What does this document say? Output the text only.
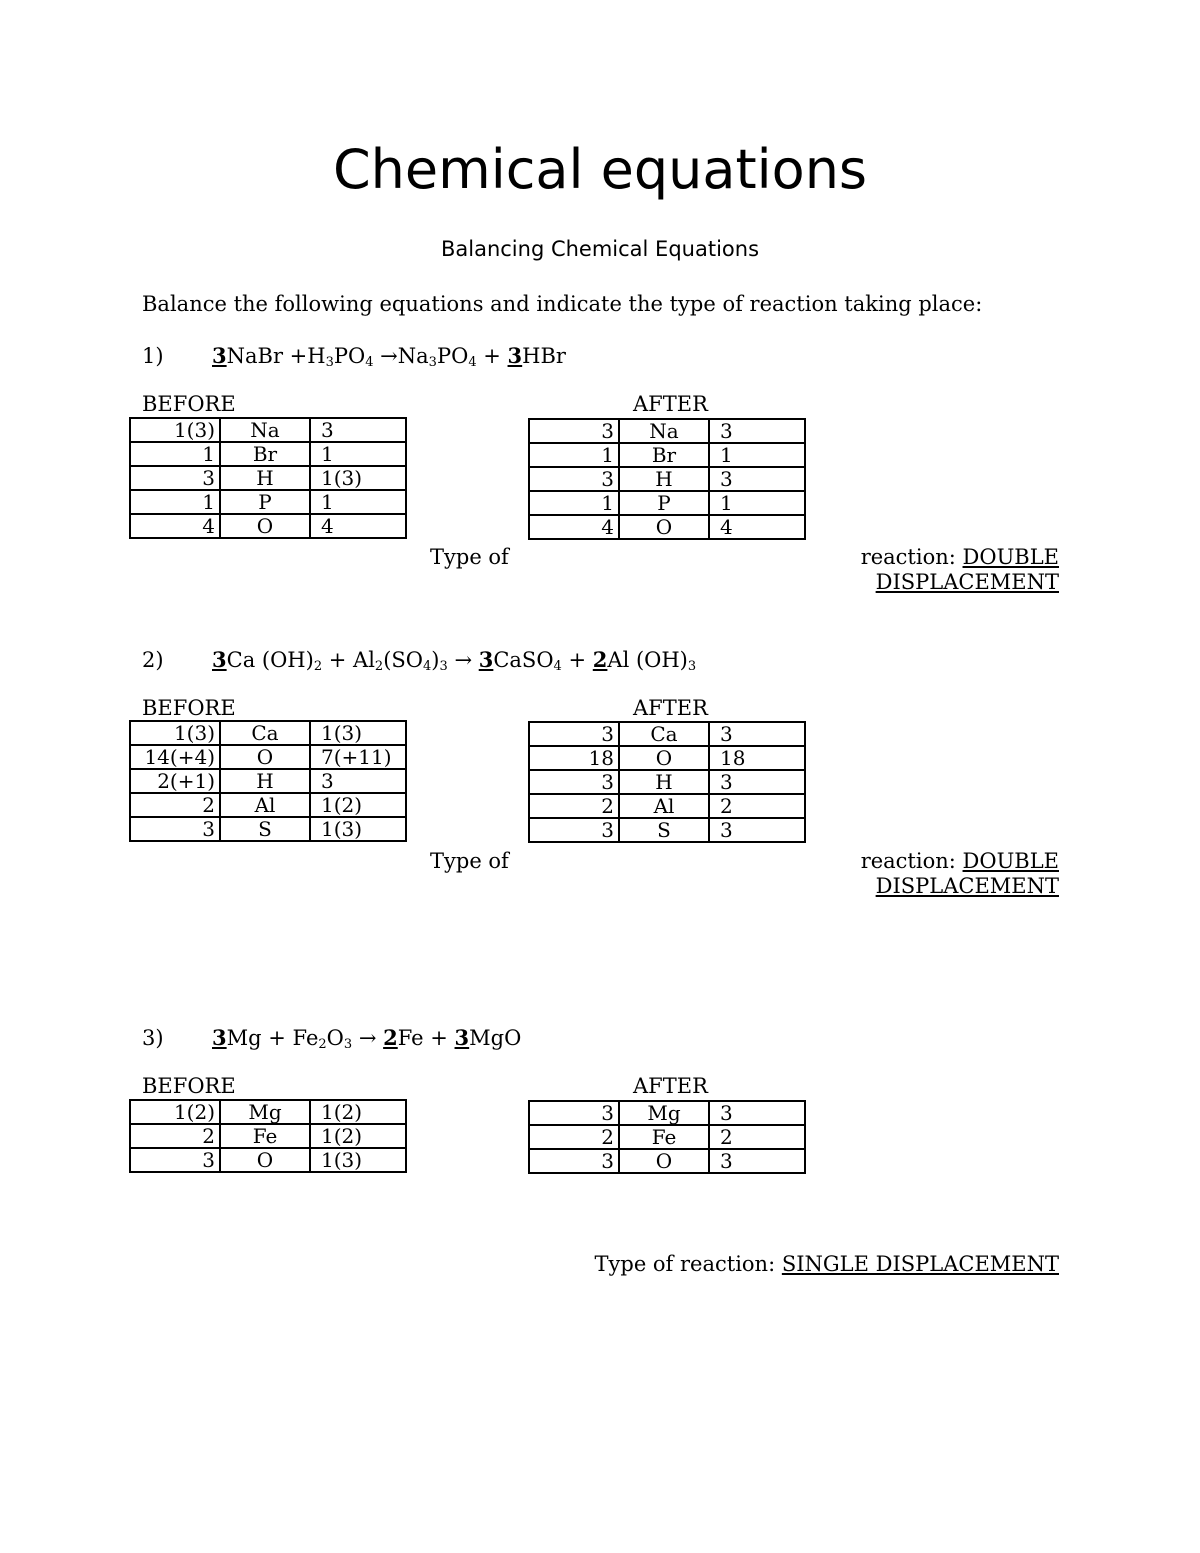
Chemical equations
Balancing Chemical Equations
Balance the following equations and indicate the type of reaction taking place:
1) 3NaBr $+H_3PO_4 \to Na_3PO_4 + 3HBr$
BEFORE	AFTER
1(3)	Na	3
1	Br	1
3	H	1(3)
1	P	1
4	O	4
3	Na	3
1	Br	1
3	H	3
1	P	1
4	O	4
Type of	reaction: DOUBLE
DISPLACEMENT
2) 3Ca $(OH)_2 + Al_2(SO_4)_3$ → 3CaSO$_4$ + 2Al $(OH)_3$
BEFORE	AFTER
1(3)	Ca	1(3)
14(+4)	O	7(+11)
2(+1)	H	3
2	Al	1(2)
3	S	1(3)
3	Ca	3
18	O	18
3	H	3
2	Al	2
3	S	3
Type of	reaction: DOUBLE
DISPLACEMENT
3) $3Mg + Fe_2O_3 \to 2Fe + 3MgO$
BEFORE	AFTER
1(2)	Mg	1(2)
2	Fe	1(2)
3	O	1(3)
3	Mg	3
2	Fe	2
3	O	3
Type of reaction: SINGLE DISPLACEMENT
